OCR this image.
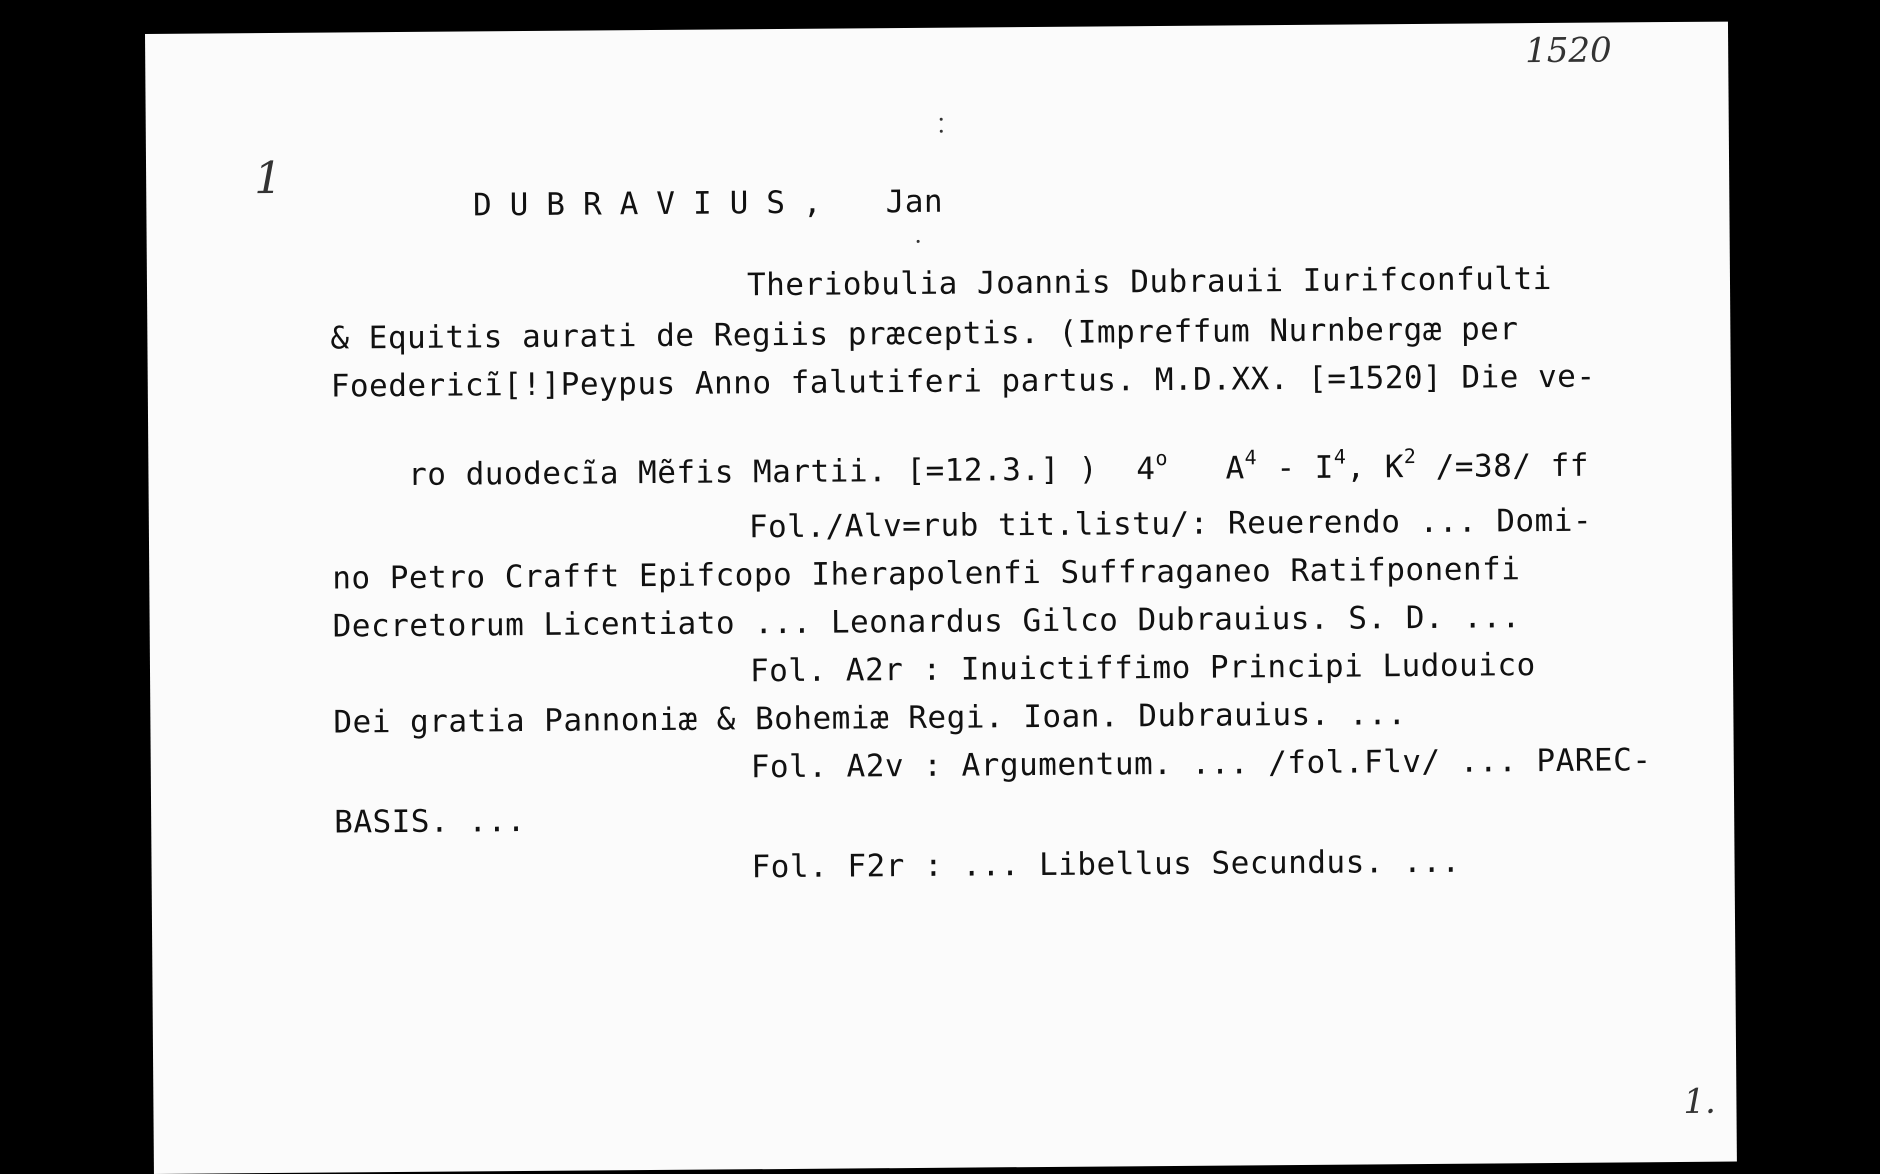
1520
1	DUBRAVIUS, Jan

Theriobulia Joannis Dubrauii Iurifconfulti
& Equitis aurati de Regiis præceptis. (Impreffum Nurnbergæ per
Foedericĩ[!]Peypus Anno falutiferi partus. M.D.XX. [=1520] Die ve-

ro duodecĩa Mẽfis Martii. [=12.3.] )  4$^o$   $A^4 - I^4$, $K^2$ /=38/ ff

Fol./Alv=rub tit.listu/: Reuerendo ... Domi-
no Petro Crafft Epifcopo Iherapolenfi Suffraganeo Ratifponenfi
Decretorum Licentiato ... Leonardus Gilco Dubrauius. S. D. ...
Fol. A2r : Inuictiffimo Principi Ludouico
Dei gratia Pannoniæ & Bohemiæ Regi. Ioan. Dubrauius. ...
Fol. A2v : Argumentum. ... /fol.Flv/ ... PAREC-
BASIS. ...
Fol. F2r : ... Libellus Secundus. ...
1.
